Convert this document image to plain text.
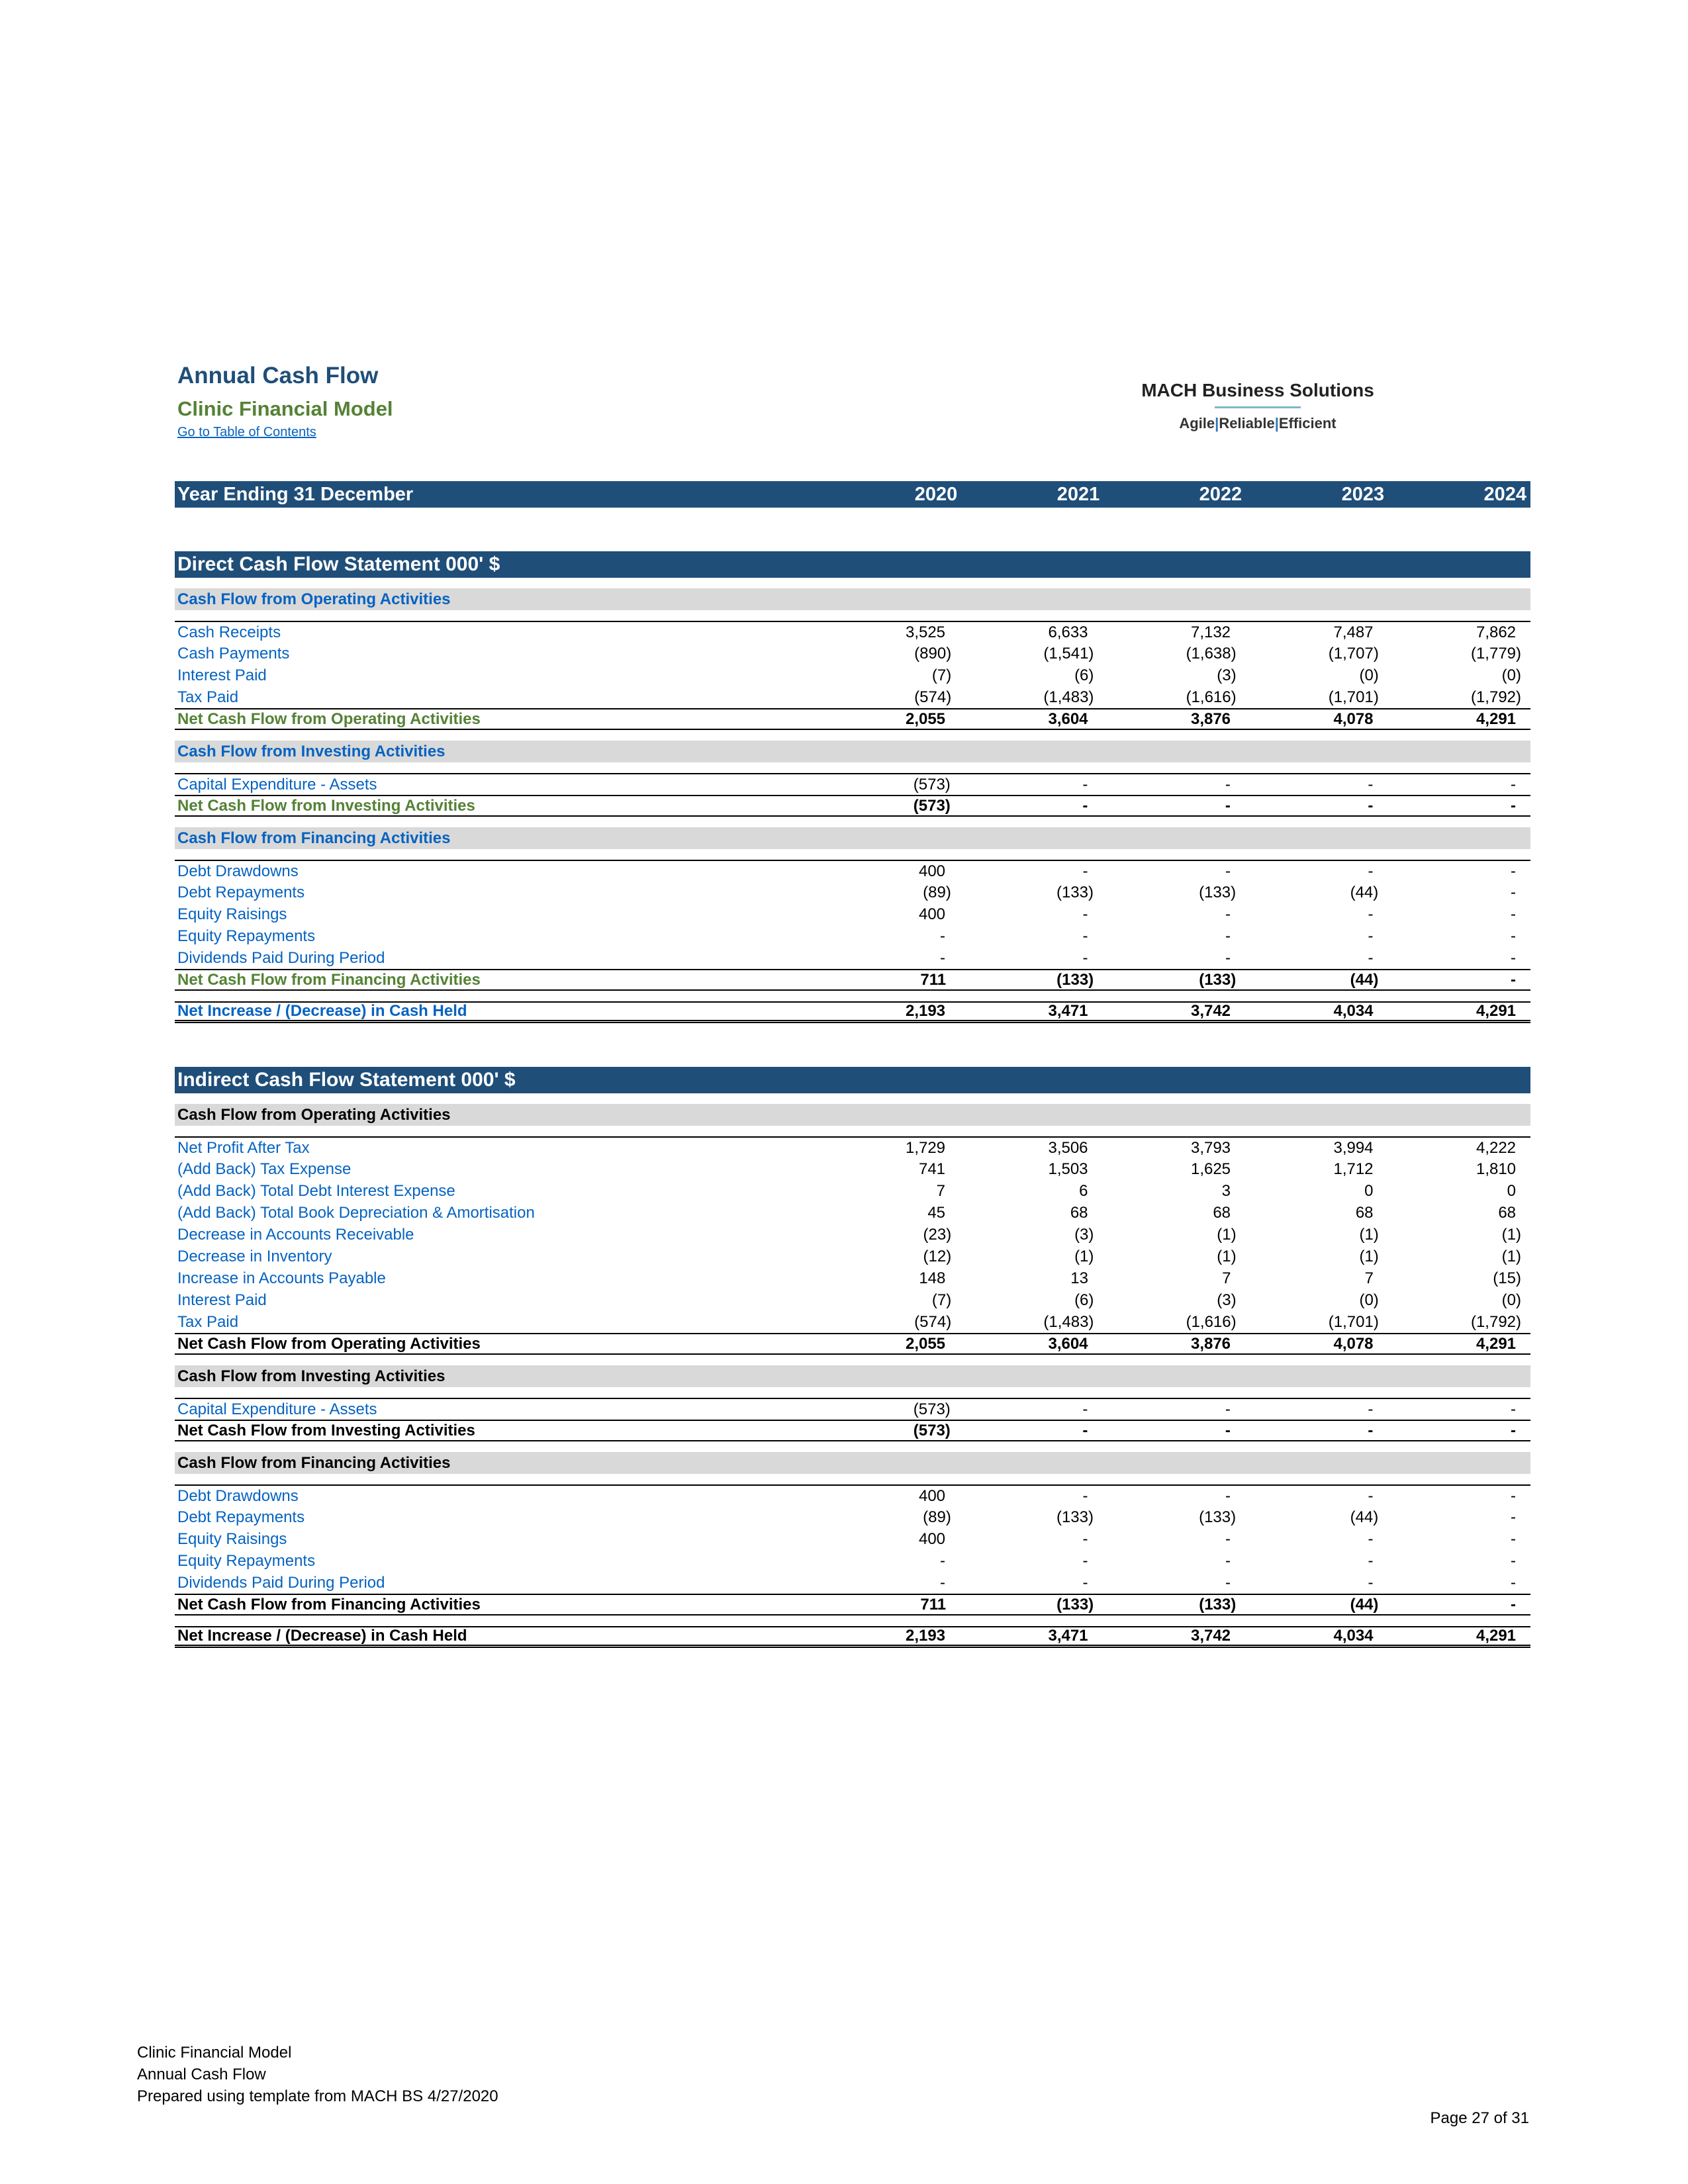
Annual Cash Flow
Clinic Financial Model
Go to Table of Contents
MACH Business Solutions
Agile|Reliable|Efficient
Year Ending 31 December	2020	2021	2022	2023	2024
Direct Cash Flow Statement 000' $
Cash Flow from Operating Activities
Cash Receipts	3,525	6,633	7,132	7,487	7,862
Cash Payments	(890)	(1,541)	(1,638)	(1,707)	(1,779)
Interest Paid	(7)	(6)	(3)	(0)	(0)
Tax Paid	(574)	(1,483)	(1,616)	(1,701)	(1,792)
Net Cash Flow from Operating Activities	2,055	3,604	3,876	4,078	4,291
Cash Flow from Investing Activities
Capital Expenditure - Assets	(573)	-	-	-	-
Net Cash Flow from Investing Activities	(573)	-	-	-	-
Cash Flow from Financing Activities
Debt Drawdowns	400	-	-	-	-
Debt Repayments	(89)	(133)	(133)	(44)	-
Equity Raisings	400	-	-	-	-
Equity Repayments	-	-	-	-	-
Dividends Paid During Period	-	-	-	-	-
Net Cash Flow from Financing Activities	711	(133)	(133)	(44)	-
Net Increase / (Decrease) in Cash Held	2,193	3,471	3,742	4,034	4,291
Indirect Cash Flow Statement 000' $
Cash Flow from Operating Activities
Net Profit After Tax	1,729	3,506	3,793	3,994	4,222
(Add Back) Tax Expense	741	1,503	1,625	1,712	1,810
(Add Back) Total Debt Interest Expense	7	6	3	0	0
(Add Back) Total Book Depreciation & Amortisation	45	68	68	68	68
Decrease in Accounts Receivable	(23)	(3)	(1)	(1)	(1)
Decrease in Inventory	(12)	(1)	(1)	(1)	(1)
Increase in Accounts Payable	148	13	7	7	(15)
Interest Paid	(7)	(6)	(3)	(0)	(0)
Tax Paid	(574)	(1,483)	(1,616)	(1,701)	(1,792)
Net Cash Flow from Operating Activities	2,055	3,604	3,876	4,078	4,291
Cash Flow from Investing Activities
Capital Expenditure - Assets	(573)	-	-	-	-
Net Cash Flow from Investing Activities	(573)	-	-	-	-
Cash Flow from Financing Activities
Debt Drawdowns	400	-	-	-	-
Debt Repayments	(89)	(133)	(133)	(44)	-
Equity Raisings	400	-	-	-	-
Equity Repayments	-	-	-	-	-
Dividends Paid During Period	-	-	-	-	-
Net Cash Flow from Financing Activities	711	(133)	(133)	(44)	-
Net Increase / (Decrease) in Cash Held	2,193	3,471	3,742	4,034	4,291
Clinic Financial Model
Annual Cash Flow
Prepared using template from MACH BS 4/27/2020
Page 27 of 31
